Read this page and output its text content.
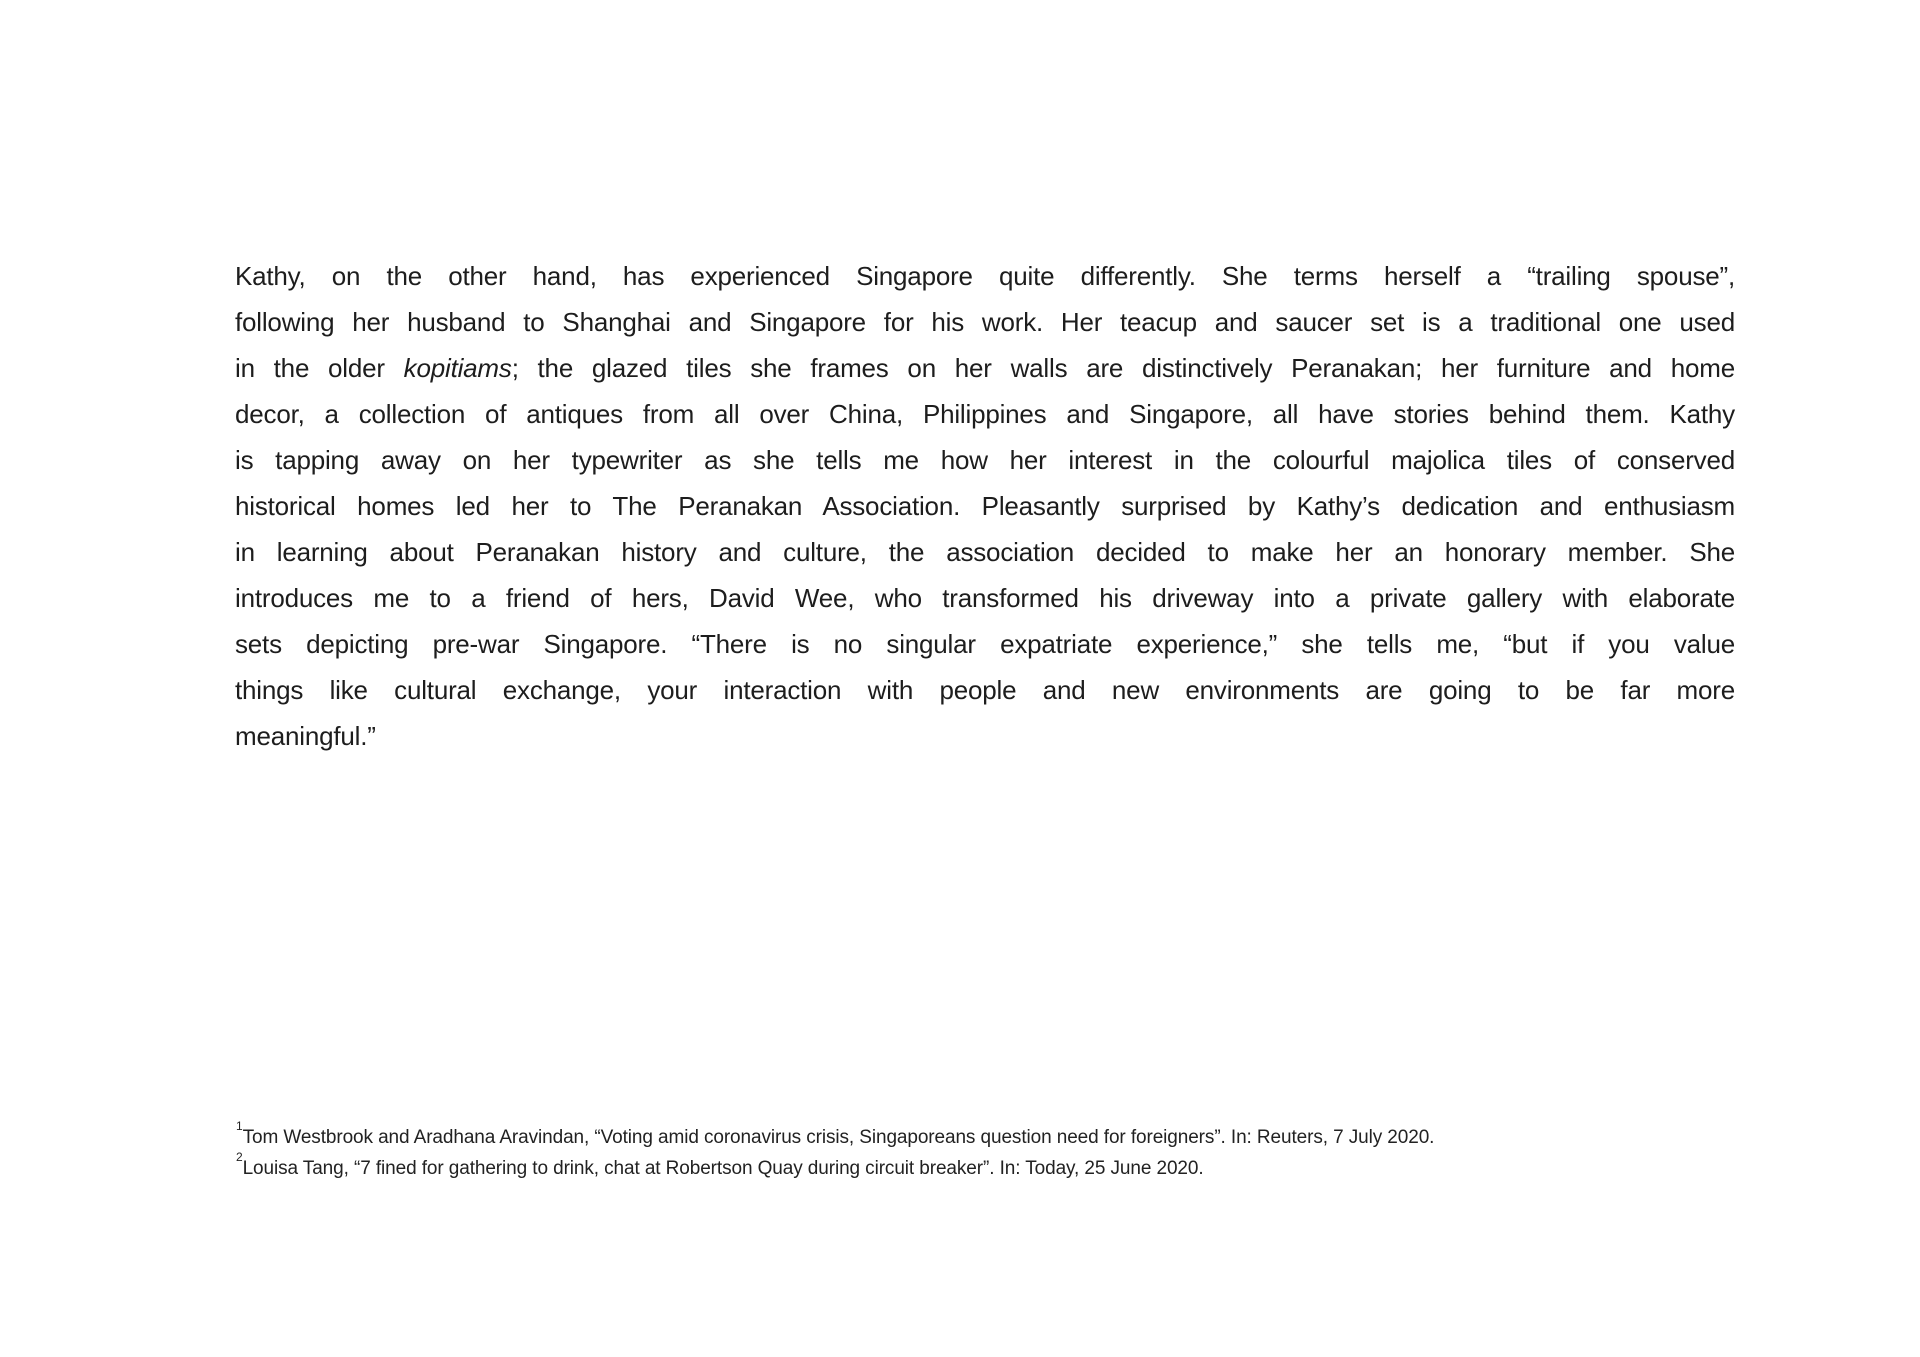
Kathy, on the other hand, has experienced Singapore quite differently. She terms herself a “trailing spouse”,
following her husband to Shanghai and Singapore for his work. Her teacup and saucer set is a traditional one used
in the older kopitiams; the glazed tiles she frames on her walls are distinctively Peranakan; her furniture and home
decor, a collection of antiques from all over China, Philippines and Singapore, all have stories behind them. Kathy
is tapping away on her typewriter as she tells me how her interest in the colourful majolica tiles of conserved
historical homes led her to The Peranakan Association. Pleasantly surprised by Kathy’s dedication and enthusiasm
in learning about Peranakan history and culture, the association decided to make her an honorary member. She
introduces me to a friend of hers, David Wee, who transformed his driveway into a private gallery with elaborate
sets depicting pre-war Singapore. “There is no singular expatriate experience,” she tells me, “but if you value
things like cultural exchange, your interaction with people and new environments are going to be far more
meaningful.”
$^1$Tom Westbrook and Aradhana Aravindan, “Voting amid coronavirus crisis, Singaporeans question need for foreigners”. In: Reuters, 7 July 2020.
$^2$Louisa Tang, “7 fined for gathering to drink, chat at Robertson Quay during circuit breaker”. In: Today, 25 June 2020.
